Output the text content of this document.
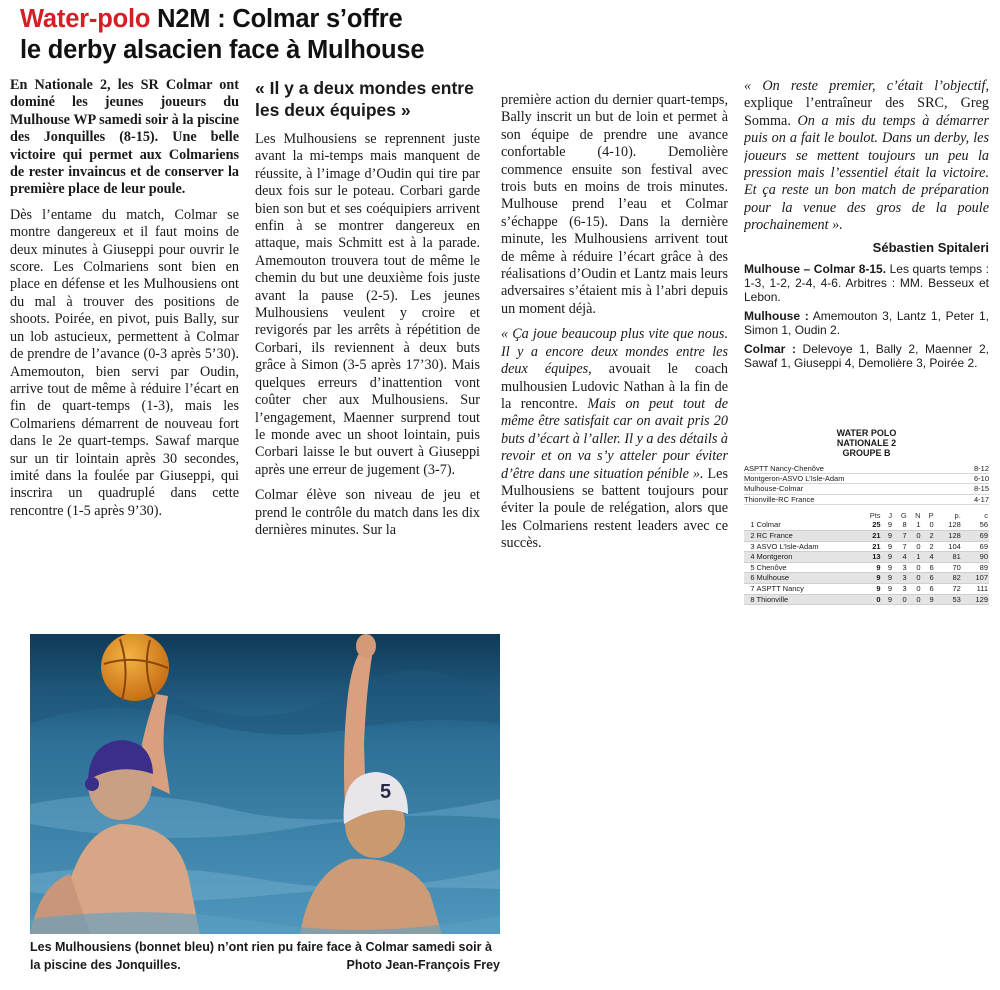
Water-polo N2M : Colmar s’offre
le derby alsacien face à Mulhouse

En Nationale 2, les SR Colmar ont dominé les jeunes joueurs du Mulhouse WP samedi soir à la piscine des Jonquilles (8-15). Une belle victoire qui permet aux Colmariens de rester invaincus et de conserver la première place de leur poule.

Dès l’entame du match, Colmar se montre dangereux et il faut moins de deux minutes à Giuseppi pour ouvrir le score. Les Colmariens sont bien en place en défense et les Mulhousiens ont du mal à trouver des positions de shoots. Poirée, en pivot, puis Bally, sur un lob astucieux, permettent à Colmar de prendre de l’avance (0-3 après 5’30). Amemouton, bien servi par Oudin, arrive tout de même à réduire l’écart en fin de quart-temps (1-3), mais les Colmariens démarrent de nouveau fort dans le 2e quart-temps. Sawaf marque sur un tir lointain après 30 secondes, imité dans la foulée par Giuseppi, qui inscrira un quadruplé dans cette rencontre (1-5 après 9’30).

« Il y a deux mondes entre les deux équipes »

Les Mulhousiens se reprennent juste avant la mi-temps mais manquent de réussite, à l’image d’Oudin qui tire par deux fois sur le poteau. Corbari garde bien son but et ses coéquipiers arrivent enfin à se montrer dangereux en attaque, mais Schmitt est à la parade. Amemouton trouvera tout de même le chemin du but une deuxième fois juste avant la pause (2-5). Les jeunes Mulhousiens veulent y croire et revigorés par les arrêts à répétition de Corbari, ils reviennent à deux buts grâce à Simon (3-5 après 17’30). Mais quelques erreurs d’inattention vont coûter cher aux Mulhousiens. Sur l’engagement, Maenner surprend tout le monde avec un shoot lointain, puis Corbari laisse le but ouvert à Giuseppi après une erreur de jugement (3-7).

Colmar élève son niveau de jeu et prend le contrôle du match dans les dix dernières minutes. Sur la

première action du dernier quart-temps, Bally inscrit un but de loin et permet à son équipe de prendre une avance confortable (4-10). Demolière commence ensuite son festival avec trois buts en moins de trois minutes. Mulhouse prend l’eau et Colmar s’échappe (6-15). Dans la dernière minute, les Mulhousiens arrivent tout de même à réduire l’écart grâce à des réalisations d’Oudin et Lantz mais leurs adversaires s’étaient mis à l’abri depuis un moment déjà.

« Ça joue beaucoup plus vite que nous. Il y a encore deux mondes entre les deux équipes, avouait le coach mulhousien Ludovic Nathan à la fin de la rencontre. Mais on peut tout de même être satisfait car on avait pris 20 buts d’écart à l’aller. Il y a des détails à revoir et on va s’y atteler pour éviter d’être dans une situation pénible ». Les Mulhousiens se battent toujours pour éviter la poule de relégation, alors que les Colmariens restent leaders avec ce succès.

« On reste premier, c’était l’objectif, explique l’entraîneur des SRC, Greg Somma. On a mis du temps à démarrer puis on a fait le boulot. Dans un derby, les joueurs se mettent toujours un peu la pression mais l’essentiel était la victoire. Et ça reste un bon match de préparation pour la venue des gros de la poule prochainement ».

Sébastien Spitaleri

Mulhouse – Colmar 8-15. Les quarts temps : 1-3, 1-2, 2-4, 4-6. Arbitres : MM. Besseux et Lebon.

Mulhouse : Amemouton 3, Lantz 1, Peter 1, Simon 1, Oudin 2.

Colmar : Delevoye 1, Bally 2, Maenner 2, Sawaf 1, Giuseppi 4, Demolière 3, Poirée 2.

WATER POLO
NATIONALE 2
GROUPE B
ASPTT Nancy-Chenôve	8-12
Montgeron-ASVO L’Isle-Adam	6-10
Mulhouse-Colmar	8-15
Thionville-RC France	4-17
		Pts	J	G	N	P	p.	c
1	Colmar	25	9	8	1	0	128	56
2	RC France	21	9	7	0	2	128	69
3	ASVO L’Isle-Adam	21	9	7	0	2	104	69
4	Montgeron	13	9	4	1	4	81	90
5	Chenôve	9	9	3	0	6	70	89
6	Mulhouse	9	9	3	0	6	82	107
7	ASPTT Nancy	9	9	3	0	6	72	111
8	Thionville	0	9	0	0	9	53	129
5
Les Mulhousiens (bonnet bleu) n’ont rien pu faire face à Colmar samedi soir à la piscine des Jonquilles.	Photo Jean-François Frey
